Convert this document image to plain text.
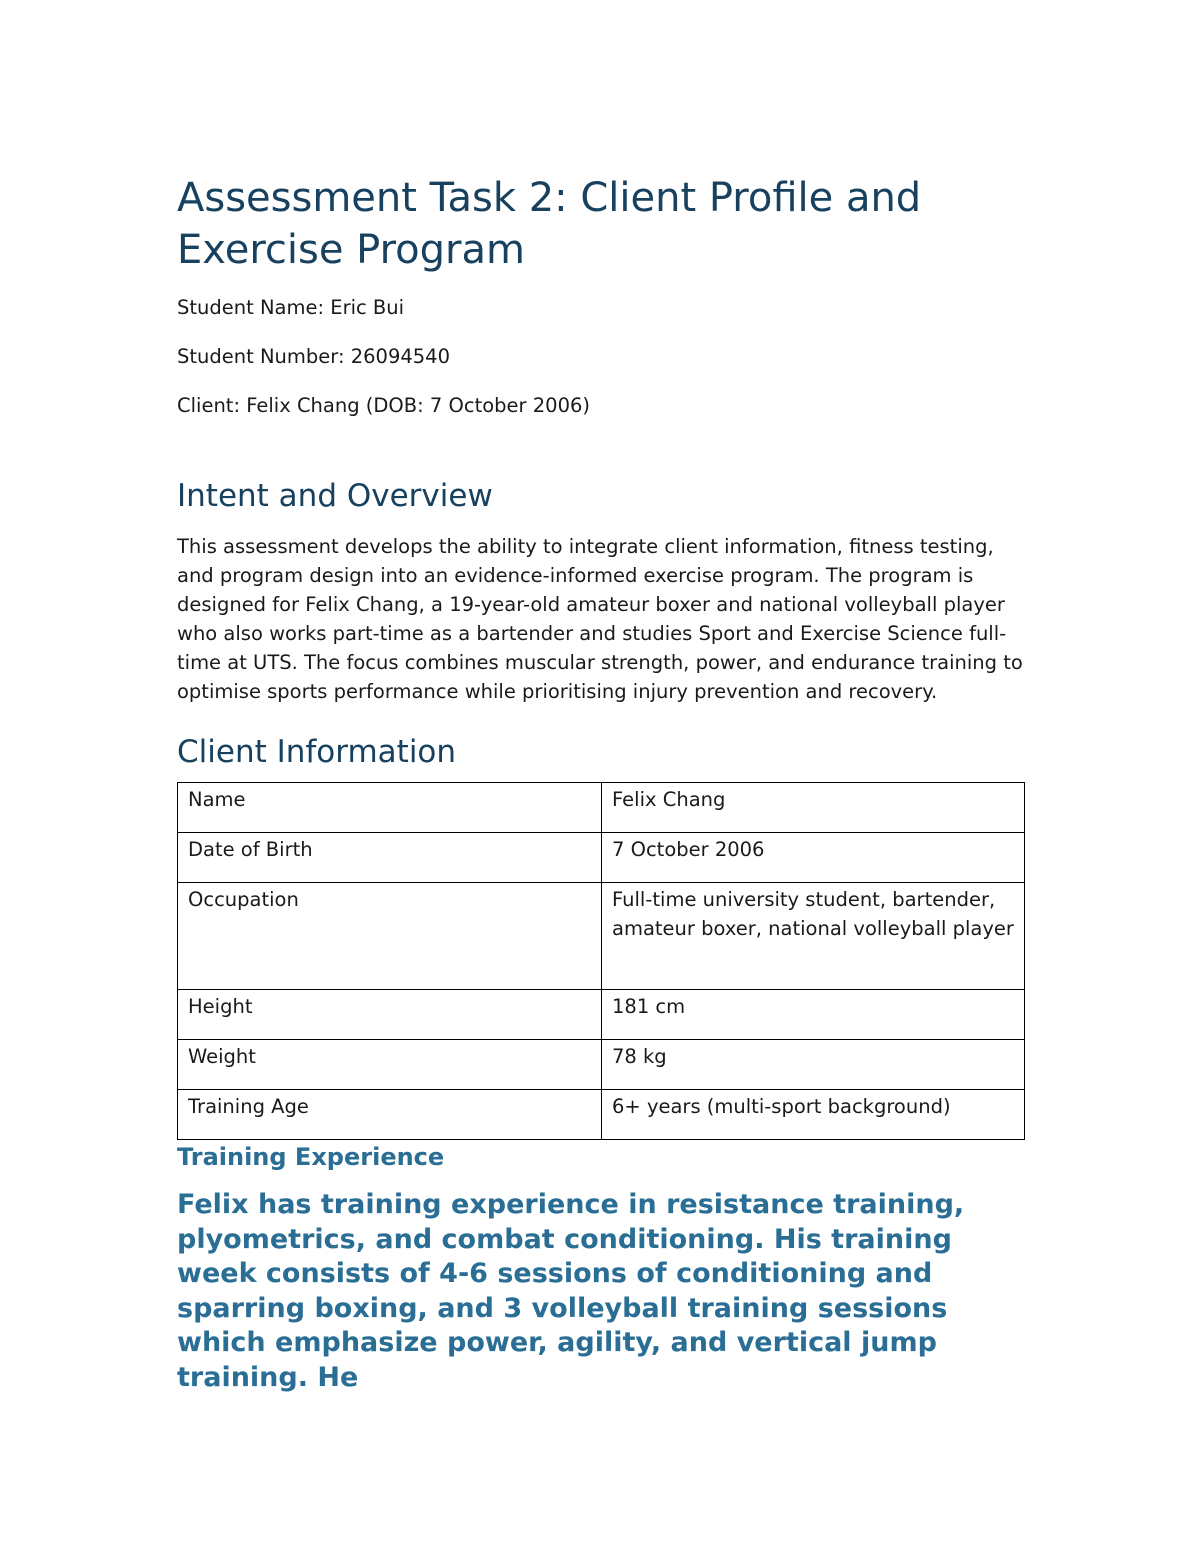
Assessment Task 2: Client Profile and Exercise Program

Student Name: Eric Bui

Student Number: 26094540

Client: Felix Chang (DOB: 7 October 2006)

Intent and Overview

This assessment develops the ability to integrate client information, fitness testing, and program design into an evidence-informed exercise program. The program is designed for Felix Chang, a 19-year-old amateur boxer and national volleyball player who also works part-time as a bartender and studies Sport and Exercise Science full-time at UTS. The focus combines muscular strength, power, and endurance training to optimise sports performance while prioritising injury prevention and recovery.

Client Information
Name	Felix Chang
Date of Birth	7 October 2006
Occupation	Full-time university student, bartender, amateur boxer, national volleyball player
Height	181 cm
Weight	78 kg
Training Age	6+ years (multi-sport background)
Training Experience

Felix has training experience in resistance training, plyometrics, and combat conditioning. His training week consists of 4-6 sessions of conditioning and sparring boxing, and 3 volleyball training sessions which emphasize power, agility, and vertical jump training. He
